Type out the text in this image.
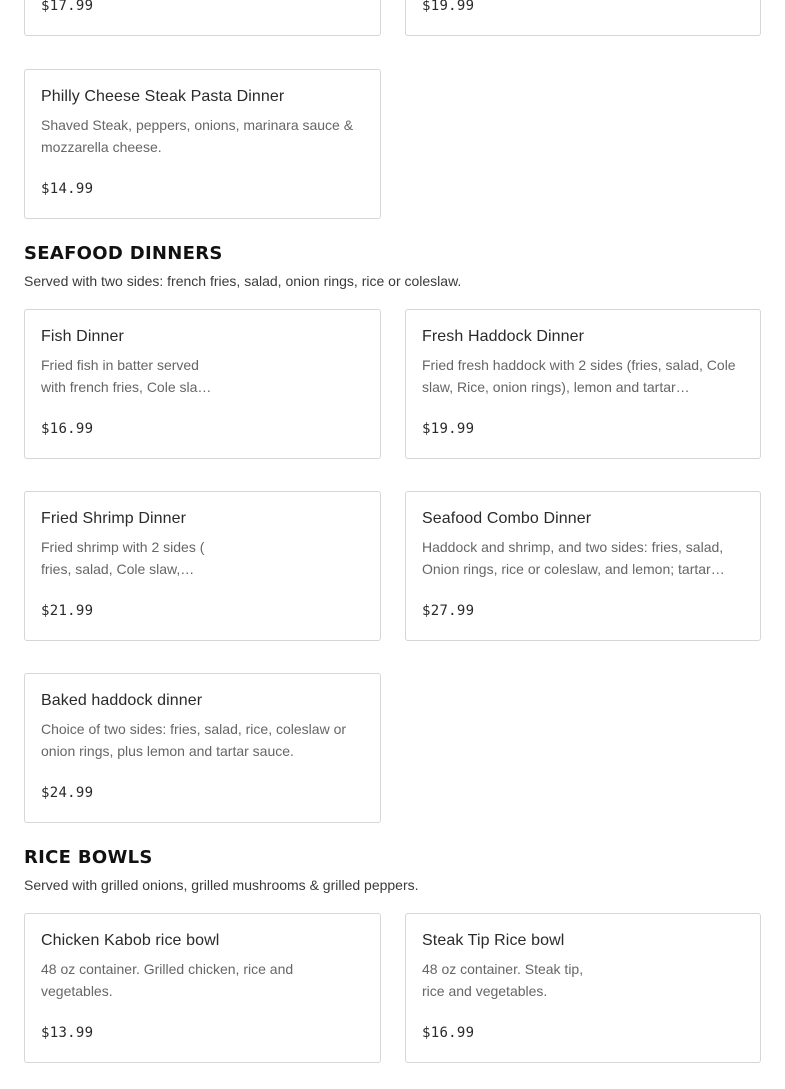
$17.99	$19.99
Philly Cheese Steak Pasta Dinner
Shaved Steak, peppers, onions, marinara sauce & mozzarella cheese.
$14.99
SEAFOOD DINNERS

Served with two sides: french fries, salad, onion rings, rice or coleslaw.

Fish Dinner
Fried fish in batter served with french fries, Cole sla…
$16.99
Fresh Haddock Dinner
Fried fresh haddock with 2 sides (fries, salad, Cole slaw, Rice, onion rings), lemon and tartar…
$19.99
Fried Shrimp Dinner
Fried shrimp with 2 sides ( fries, salad, Cole slaw,…
$21.99
Seafood Combo Dinner
Haddock and shrimp, and two sides: fries, salad, Onion rings, rice or coleslaw, and lemon; tartar…
$27.99
Baked haddock dinner
Choice of two sides: fries, salad, rice, coleslaw or onion rings, plus lemon and tartar sauce.
$24.99
RICE BOWLS

Served with grilled onions, grilled mushrooms & grilled peppers.

Chicken Kabob rice bowl
48 oz container. Grilled chicken, rice and vegetables.
$13.99
Steak Tip Rice bowl
48 oz container. Steak tip, rice and vegetables.
$16.99
